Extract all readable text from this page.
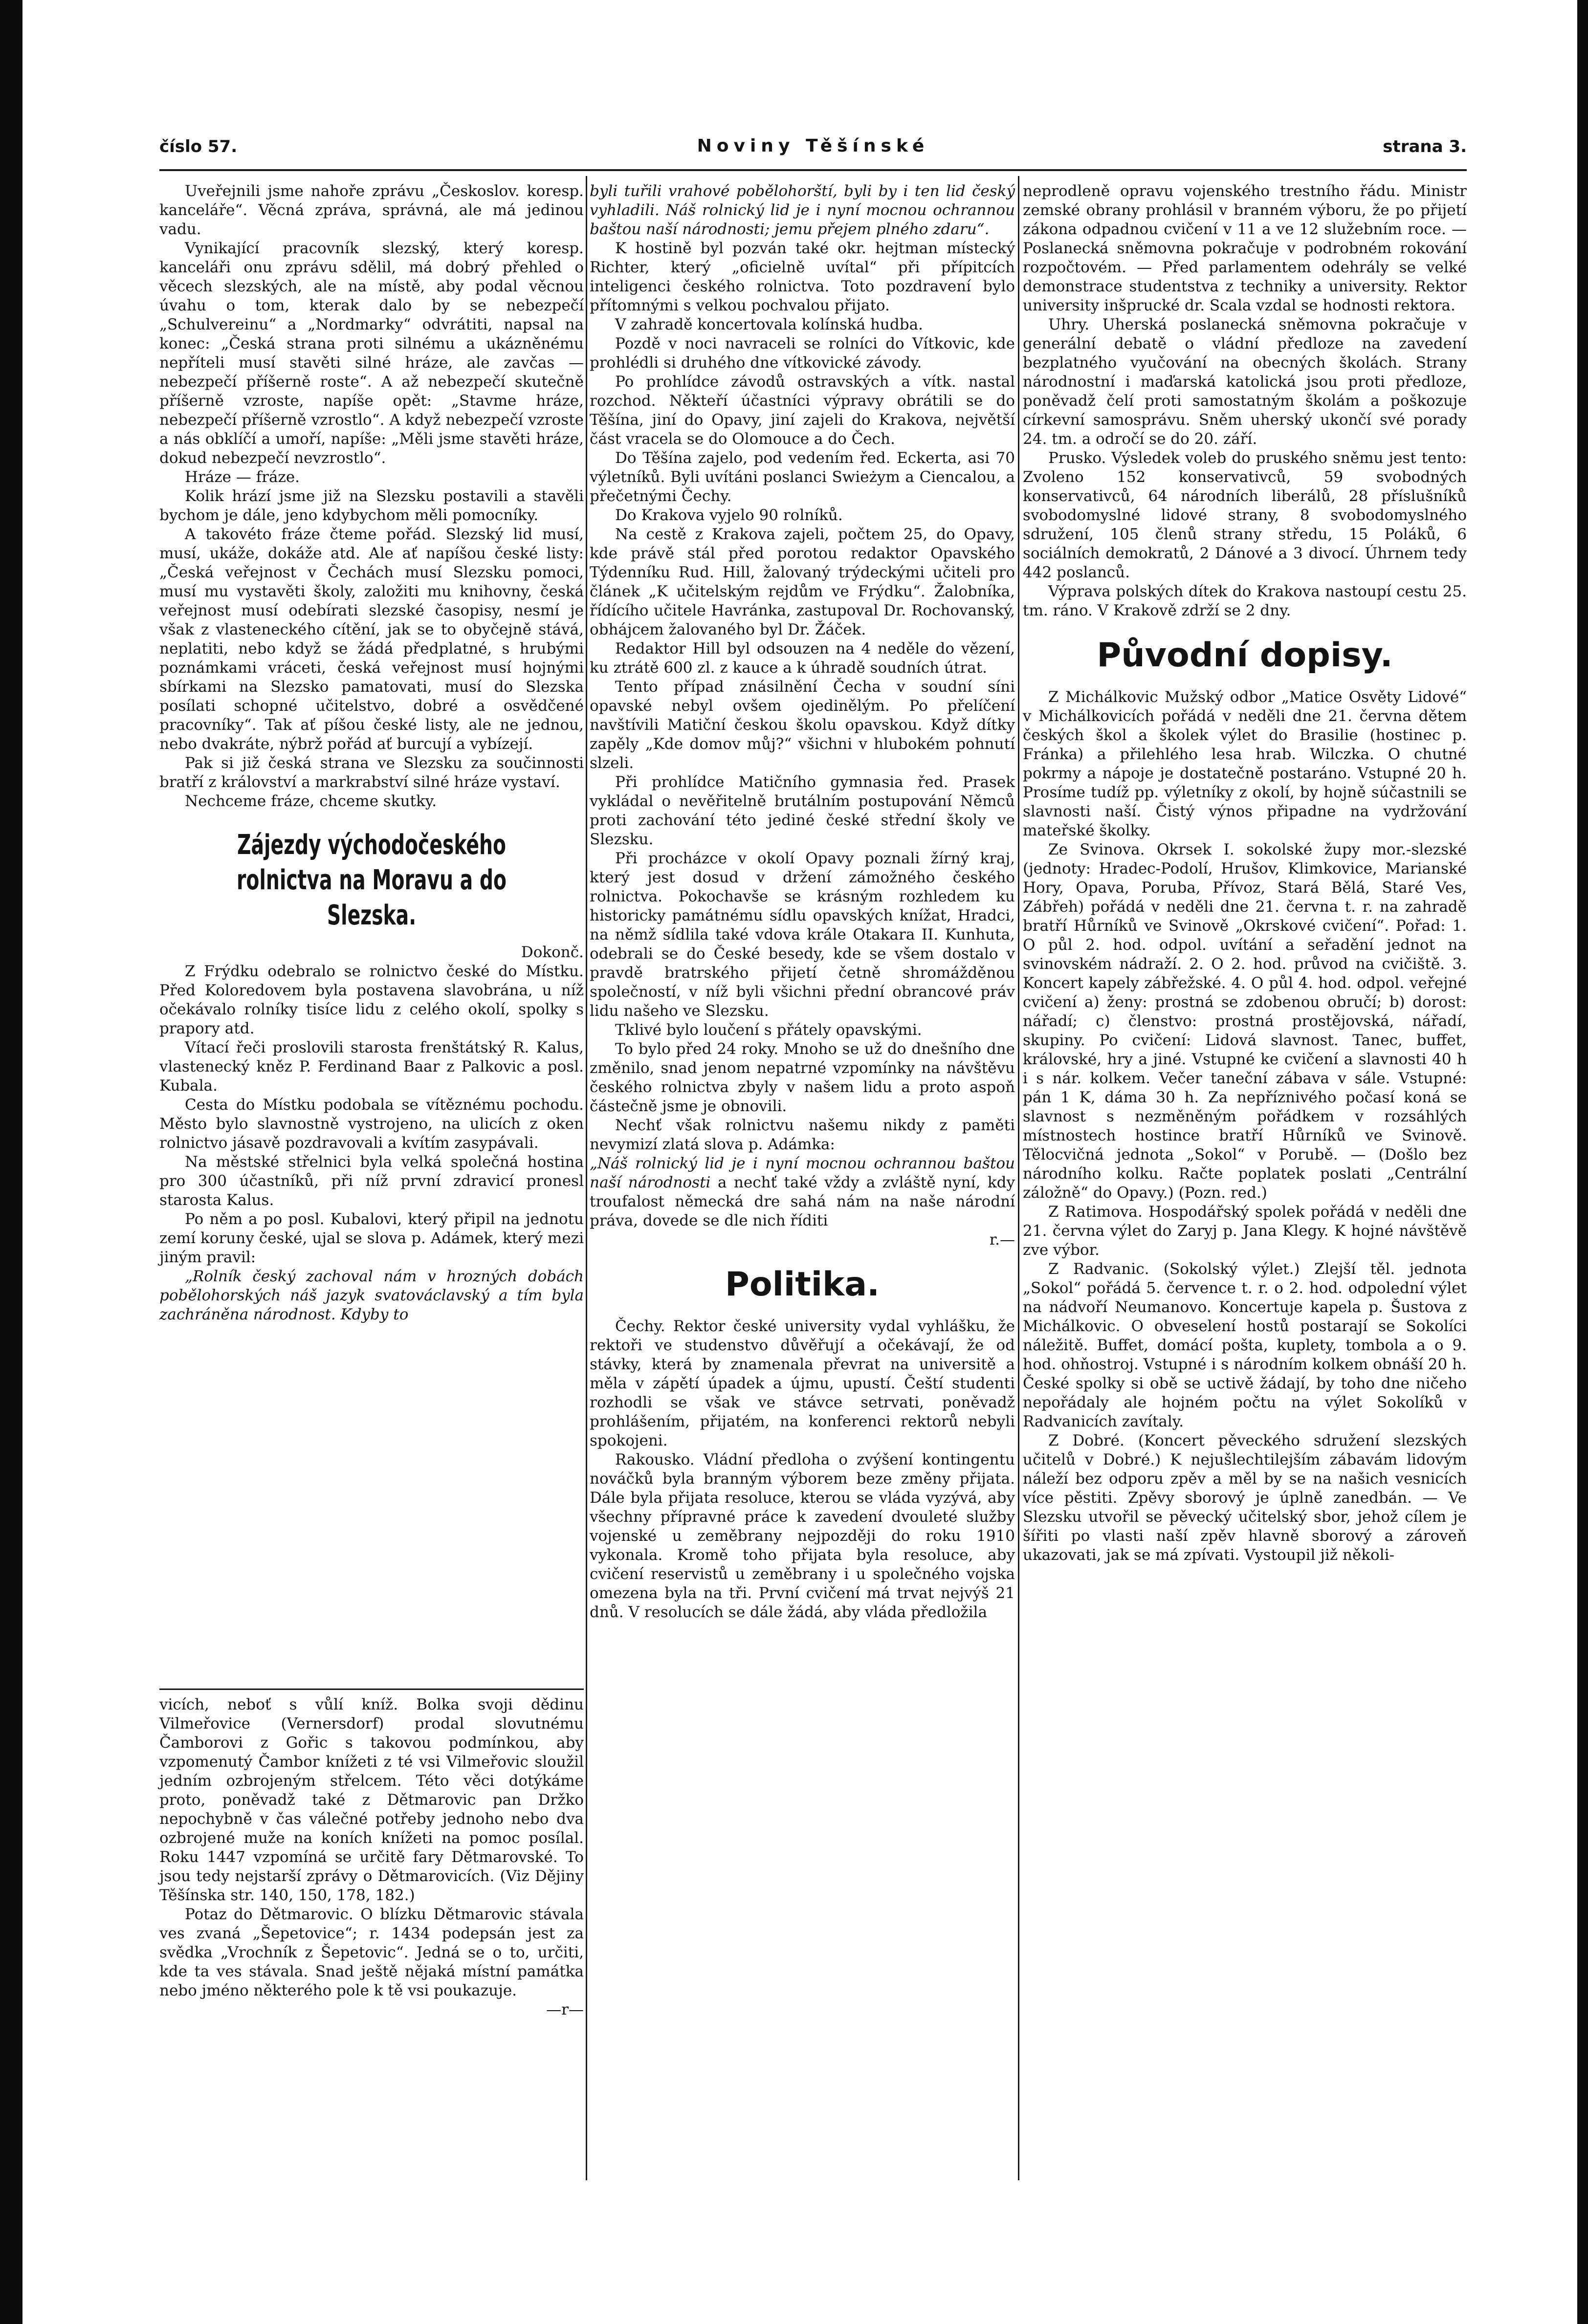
číslo 57.	Noviny Těšínské	strana 3.

Uveřejnili jsme nahoře zprávu „Českoslov. koresp. kanceláře“. Věcná zpráva, správná, ale má jedinou vadu.

Vynikající pracovník slezský, který koresp. kanceláři onu zprávu sdělil, má dobrý přehled o věcech slezských, ale na místě, aby podal věcnou úvahu o tom, kterak dalo by se nebezpečí „Schulvereinu“ a „Nordmarky“ odvrátiti, napsal na konec: „Česká strana proti silnému a ukázněnému nepříteli musí stavěti silné hráze, ale zavčas — nebezpečí příšerně roste“. A až nebezpečí skutečně příšerně vzroste, napíše opět: „Stavme hráze, nebezpečí příšerně vzrostlo“. A když nebezpečí vzroste a nás obklíčí a umoří, napíše: „Měli jsme stavěti hráze, dokud nebezpečí nevzrostlo“.

Hráze — fráze.

Kolik hrází jsme již na Slezsku postavili a stavěli bychom je dále, jeno kdybychom měli pomocníky.

A takovéto fráze čteme pořád. Slezský lid musí, musí, ukáže, dokáže atd. Ale ať napíšou české listy: „Česká veřejnost v Čechách musí Slezsku pomoci, musí mu vystavěti školy, založiti mu knihovny, česká veřejnost musí odebírati slezské časopisy, nesmí je však z vlasteneckého cítění, jak se to obyčejně stává, neplatiti, nebo když se žádá předplatné, s hrubými poznámkami vráceti, česká veřejnost musí hojnými sbírkami na Slezsko pamatovati, musí do Slezska posílati schopné učitelstvo, dobré a osvědčené pracovníky“. Tak ať píšou české listy, ale ne jednou, nebo dvakráte, nýbrž pořád ať burcují a vybízejí.

Pak si již česká strana ve Slezsku za součinnosti bratří z království a markrabství silné hráze vystaví.

Nechceme fráze, chceme skutky.

Zájezdy východočeského rolnictva na Moravu a do Slezska.

Dokonč.

Z Frýdku odebralo se rolnictvo české do Místku. Před Koloredovem byla postavena slavobrána, u níž očekávalo rolníky tisíce lidu z celého okolí, spolky s prapory atd.

Vítací řeči proslovili starosta frenštátský R. Kalus, vlastenecký kněz P. Ferdinand Baar z Palkovic a posl. Kubala.

Cesta do Místku podobala se vítěznému pochodu. Město bylo slavnostně vystrojeno, na ulicích z oken rolnictvo jásavě pozdravovali a kvítím zasypávali.

Na městské střelnici byla velká společná hostina pro 300 účastníků, při níž první zdravicí pronesl starosta Kalus.

Po něm a po posl. Kubalovi, který připil na jednotu zemí koruny české, ujal se slova p. Adámek, který mezi jiným pravil:

„Rolník český zachoval nám v hrozných dobách pobělohorských náš jazyk svatováclavský a tím byla zachráněna národnost. Kdyby to

vicích, neboť s vůlí kníž. Bolka svoji dědinu Vilmeřovice (Vernersdorf) prodal slovutnému Čamborovi z Gořic s takovou podmínkou, aby vzpomenutý Čambor knížeti z té vsi Vilmeřovic sloužil jedním ozbrojeným střelcem. Této věci dotýkáme proto, poněvadž také z Dětmarovic pan Držko nepochybně v čas válečné potřeby jednoho nebo dva ozbrojené muže na koních knížeti na pomoc posílal. Roku 1447 vzpomíná se určitě fary Dětmarovské. To jsou tedy nejstarší zprávy o Dětmarovicích. (Viz Dějiny Těšínska str. 140, 150, 178, 182.)

Potaz do Dětmarovic. O blízku Dětmarovic stávala ves zvaná „Šepetovice“; r. 1434 podepsán jest za svědka „Vrochník z Šepetovic“. Jedná se o to, určiti, kde ta ves stávala. Snad ještě nějaká místní památka nebo jméno některého pole k tě vsi poukazuje.

—r—

byli tuřili vrahové pobělohorští, byli by i ten lid český vyhladili. Náš rolnický lid je i nyní mocnou ochrannou baštou naší národnosti; jemu přejem plného zdaru“.

K hostině byl pozván také okr. hejtman místecký Richter, který „oficielně uvítal“ při přípitcích inteligenci českého rolnictva. Toto pozdravení bylo přítomnými s velkou pochvalou přijato.

V zahradě koncertovala kolínská hudba.

Pozdě v noci navraceli se rolníci do Vítkovic, kde prohlédli si druhého dne vítkovické závody.

Po prohlídce závodů ostravských a vítk. nastal rozchod. Někteří účastníci výpravy obrátili se do Těšína, jiní do Opavy, jiní zajeli do Krakova, největší část vracela se do Olomouce a do Čech.

Do Těšína zajelo, pod vedením řed. Eckerta, asi 70 výletníků. Byli uvítáni poslanci Swieżym a Ciencalou, a přečetnými Čechy.

Do Krakova vyjelo 90 rolníků.

Na cestě z Krakova zajeli, počtem 25, do Opavy, kde právě stál před porotou redaktor Opavského Týdenníku Rud. Hill, žalovaný trýdeckými učiteli pro článek „K učitelským rejdům ve Frýdku“. Žalobníka, řídícího učitele Havránka, zastupoval Dr. Rochovanský, obhájcem žalovaného byl Dr. Žáček.

Redaktor Hill byl odsouzen na 4 neděle do vězení, ku ztrátě 600 zl. z kauce a k úhradě soudních útrat.

Tento případ znásilnění Čecha v soudní síni opavské nebyl ovšem ojedinělým. Po přelíčení navštívili Matiční českou školu opavskou. Když dítky zapěly „Kde domov můj?“ všichni v hlubokém pohnutí slzeli.

Při prohlídce Matičního gymnasia řed. Prasek vykládal o nevěřitelně brutálním postupování Němců proti zachování této jediné české střední školy ve Slezsku.

Při procházce v okolí Opavy poznali žírný kraj, který jest dosud v držení zámožného českého rolnictva. Pokochavše se krásným rozhledem ku historicky památnému sídlu opavských knížat, Hradci, na němž sídlila také vdova krále Otakara II. Kunhuta, odebrali se do České besedy, kde se všem dostalo v pravdě bratrského přijetí četně shromážděnou společností, v níž byli všichni přední obrancové práv lidu našeho ve Slezsku.

Tklivé bylo loučení s přátely opavskými.

To bylo před 24 roky. Mnoho se už do dnešního dne změnilo, snad jenom nepatrné vzpomínky na návštěvu českého rolnictva zbyly v našem lidu a proto aspoň částečně jsme je obnovili.

Nechť však rolnictvu našemu nikdy z paměti nevymizí zlatá slova p. Adámka:

„Náš rolnický lid je i nyní mocnou ochrannou baštou naší národnosti a nechť také vždy a zvláště nyní, kdy troufalost německá dre sahá nám na naše národní práva, dovede se dle nich říditi

r.—

Politika.

Čechy. Rektor české university vydal vyhlášku, že rektoři ve studenstvo důvěřují a očekávají, že od stávky, která by znamenala převrat na universitě a měla v zápětí úpadek a újmu, upustí. Čeští studenti rozhodli se však ve stávce setrvati, poněvadž prohlášením, přijatém, na konferenci rektorů nebyli spokojeni.

Rakousko. Vládní předloha o zvýšení kontingentu nováčků byla branným výborem beze změny přijata. Dále byla přijata resoluce, kterou se vláda vyzývá, aby všechny přípravné práce k zavedení dvouleté služby vojenské u zeměbrany nejpozději do roku 1910 vykonala. Kromě toho přijata byla resoluce, aby cvičení reservistů u zeměbrany i u společného vojska omezena byla na tři. První cvičení má trvat nejvýš 21 dnů. V resolucích se dále žádá, aby vláda předložila

neprodleně opravu vojenského trestního řádu. Ministr zemské obrany prohlásil v branném výboru, že po přijetí zákona odpadnou cvičení v 11 a ve 12 služebním roce. — Poslanecká sněmovna pokračuje v podrobném rokování rozpočtovém. — Před parlamentem odehrály se velké demonstrace studentstva z techniky a university. Rektor university inšprucké dr. Scala vzdal se hodnosti rektora.

Uhry. Uherská poslanecká sněmovna pokračuje v generální debatě o vládní předloze na zavedení bezplatného vyučování na obecných školách. Strany národnostní i maďarská katolická jsou proti předloze, poněvadž čelí proti samostatným školám a poškozuje církevní samosprávu. Sněm uherský ukončí své porady 24. tm. a odročí se do 20. září.

Prusko. Výsledek voleb do pruského sněmu jest tento: Zvoleno 152 konservativců, 59 svobodných konservativců, 64 národních liberálů, 28 příslušníků svobodomyslné lidové strany, 8 svobodomyslného sdružení, 105 členů strany středu, 15 Poláků, 6 sociálních demokratů, 2 Dánové a 3 divocí. Úhrnem tedy 442 poslanců.

Výprava polských dítek do Krakova nastoupí cestu 25. tm. ráno. V Krakově zdrží se 2 dny.

Původní dopisy.

Z Michálkovic Mužský odbor „Matice Osvěty Lidové“ v Michálkovicích pořádá v neděli dne 21. června dětem českých škol a školek výlet do Brasilie (hostinec p. Fránka) a přilehlého lesa hrab. Wilczka. O chutné pokrmy a nápoje je dostatečně postaráno. Vstupné 20 h. Prosíme tudíž pp. výletníky z okolí, by hojně súčastnili se slavnosti naší. Čistý výnos připadne na vydržování mateřské školky.

Ze Svinova. Okrsek I. sokolské župy mor.-slezské (jednoty: Hradec-Podolí, Hrušov, Klimkovice, Marianské Hory, Opava, Poruba, Přívoz, Stará Bělá, Staré Ves, Zábřeh) pořádá v neděli dne 21. června t. r. na zahradě bratří Hůrníků ve Svinově „Okrskové cvičení“. Pořad: 1. O půl 2. hod. odpol. uvítání a seřadění jednot na svinovském nádraží. 2. O 2. hod. průvod na cvičiště. 3. Koncert kapely zábřežské. 4. O půl 4. hod. odpol. veřejné cvičení a) ženy: prostná se zdobenou obručí; b) dorost: nářadí; c) členstvo: prostná prostějovská, nářadí, skupiny. Po cvičení: Lidová slavnost. Tanec, buffet, královské, hry a jiné. Vstupné ke cvičení a slavnosti 40 h i s nár. kolkem. Večer taneční zábava v sále. Vstupné: pán 1 K, dáma 30 h. Za nepříznivého počasí koná se slavnost s nezměněným pořádkem v rozsáhlých místnostech hostince bratří Hůrníků ve Svinově. Tělocvičná jednota „Sokol“ v Porubě. — (Došlo bez národního kolku. Račte poplatek poslati „Centrální záložně“ do Opavy.) (Pozn. red.)

Z Ratimova. Hospodářský spolek pořádá v neděli dne 21. června výlet do Zaryj p. Jana Klegy. K hojné návštěvě zve výbor.

Z Radvanic. (Sokolský výlet.) Zlejší těl. jednota „Sokol“ pořádá 5. července t. r. o 2. hod. odpolední výlet na nádvoří Neumanovo. Koncertuje kapela p. Šustova z Michálkovic. O obveselení hostů postarají se Sokolíci náležitě. Buffet, domácí pošta, kuplety, tombola a o 9. hod. ohňostroj. Vstupné i s národním kolkem obnáší 20 h. České spolky si obě se uctivě žádají, by toho dne ničeho nepořádaly ale hojném počtu na výlet Sokolíků v Radvanicích zavítaly.

Z Dobré. (Koncert pěveckého sdružení slezských učitelů v Dobré.) K nejušlechtilejším zábavám lidovým náleží bez odporu zpěv a měl by se na našich vesnicích více pěstiti. Zpěvy sborový je úplně zanedbán. — Ve Slezsku utvořil se pěvecký učitelský sbor, jehož cílem je šířiti po vlasti naší zpěv hlavně sborový a zároveň ukazovati, jak se má zpívati. Vystoupil již několi-
